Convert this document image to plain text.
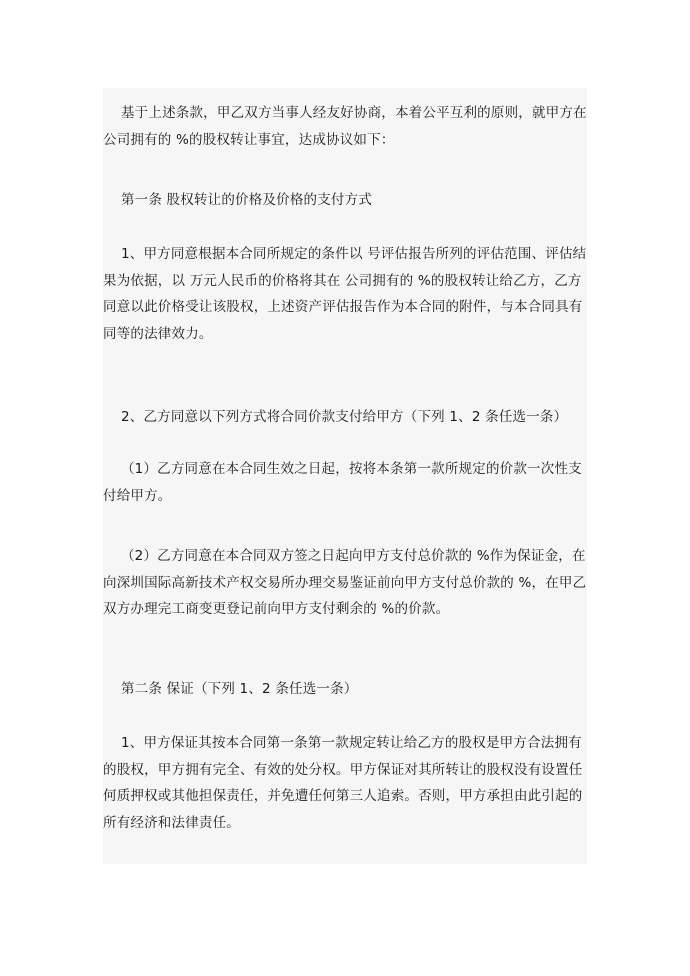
基于上述条款，甲乙双方当事人经友好协商，本着公平互利的原则，就甲方在 公司拥有的 %的股权转让事宜，达成协议如下：

第一条 股权转让的价格及价格的支付方式

1、甲方同意根据本合同所规定的条件以 号评估报告所列的评估范围、评估结果为依据，以 万元人民币的价格将其在 公司拥有的 %的股权转让给乙方，乙方同意以此价格受让该股权，上述资产评估报告作为本合同的附件，与本合同具有同等的法律效力。

2、乙方同意以下列方式将合同价款支付给甲方（下列 1、2 条任选一条）

（1）乙方同意在本合同生效之日起，按将本条第一款所规定的价款一次性支付给甲方。

（2）乙方同意在本合同双方签之日起向甲方支付总价款的 %作为保证金，在向深圳国际高新技术产权交易所办理交易鉴证前向甲方支付总价款的 %，在甲乙双方办理完工商变更登记前向甲方支付剩余的 %的价款。

第二条 保证（下列 1、2 条任选一条）

1、甲方保证其按本合同第一条第一款规定转让给乙方的股权是甲方合法拥有的股权，甲方拥有完全、有效的处分权。甲方保证对其所转让的股权没有设置任何质押权或其他担保责任，并免遭任何第三人追索。否则，甲方承担由此引起的所有经济和法律责任。
